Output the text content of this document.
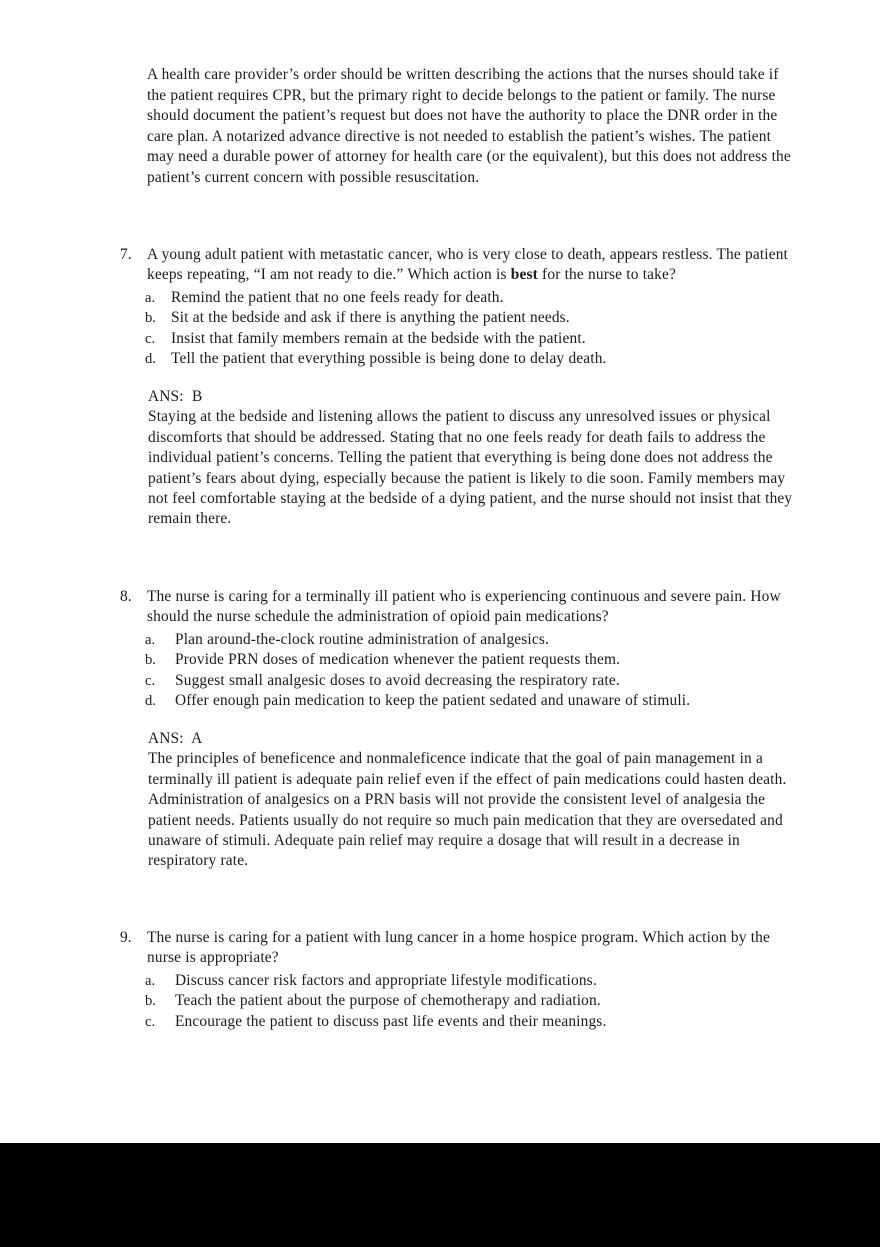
A health care provider’s order should be written describing the actions that the nurses should take if the patient requires CPR, but the primary right to decide belongs to the patient or family. The nurse should document the patient’s request but does not have the authority to place the DNR order in the care plan. A notarized advance directive is not needed to establish the patient’s wishes. The patient may need a durable power of attorney for health care (or the equivalent), but this does not address the patient’s current concern with possible resuscitation.

7.	A young adult patient with metastatic cancer, who is very close to death, appears restless. The patient keeps repeating, “I am not ready to die.” Which action is best for the nurse to take?
a.	Remind the patient that no one feels ready for death.
b. Sit at the bedside and ask if there is anything the patient needs.
c.	Insist that family members remain at the bedside with the patient.
d. Tell the patient that everything possible is being done to delay death.
ANS:  B
Staying at the bedside and listening allows the patient to discuss any unresolved issues or physical discomforts that should be addressed. Stating that no one feels ready for death fails to address the individual patient’s concerns. Telling the patient that everything is being done does not address the patient’s fears about dying, especially because the patient is likely to die soon. Family members may not feel comfortable staying at the bedside of a dying patient, and the nurse should not insist that they remain there.
8.	The nurse is caring for a terminally ill patient who is experiencing continuous and severe pain. How should the nurse schedule the administration of opioid pain medications?
a.	Plan around-the-clock routine administration of analgesics.
b.	Provide PRN doses of medication whenever the patient requests them.
c.	Suggest small analgesic doses to avoid decreasing the respiratory rate.
d.	Offer enough pain medication to keep the patient sedated and unaware of stimuli.
ANS:  A
The principles of beneficence and nonmaleficence indicate that the goal of pain management in a terminally ill patient is adequate pain relief even if the effect of pain medications could hasten death. Administration of analgesics on a PRN basis will not provide the consistent level of analgesia the patient needs. Patients usually do not require so much pain medication that they are oversedated and unaware of stimuli. Adequate pain relief may require a dosage that will result in a decrease in respiratory rate.
9.	The nurse is caring for a patient with lung cancer in a home hospice program. Which action by the nurse is appropriate?
a.	Discuss cancer risk factors and appropriate lifestyle modifications.
b.	Teach the patient about the purpose of chemotherapy and radiation.
c.	Encourage the patient to discuss past life events and their meanings.
